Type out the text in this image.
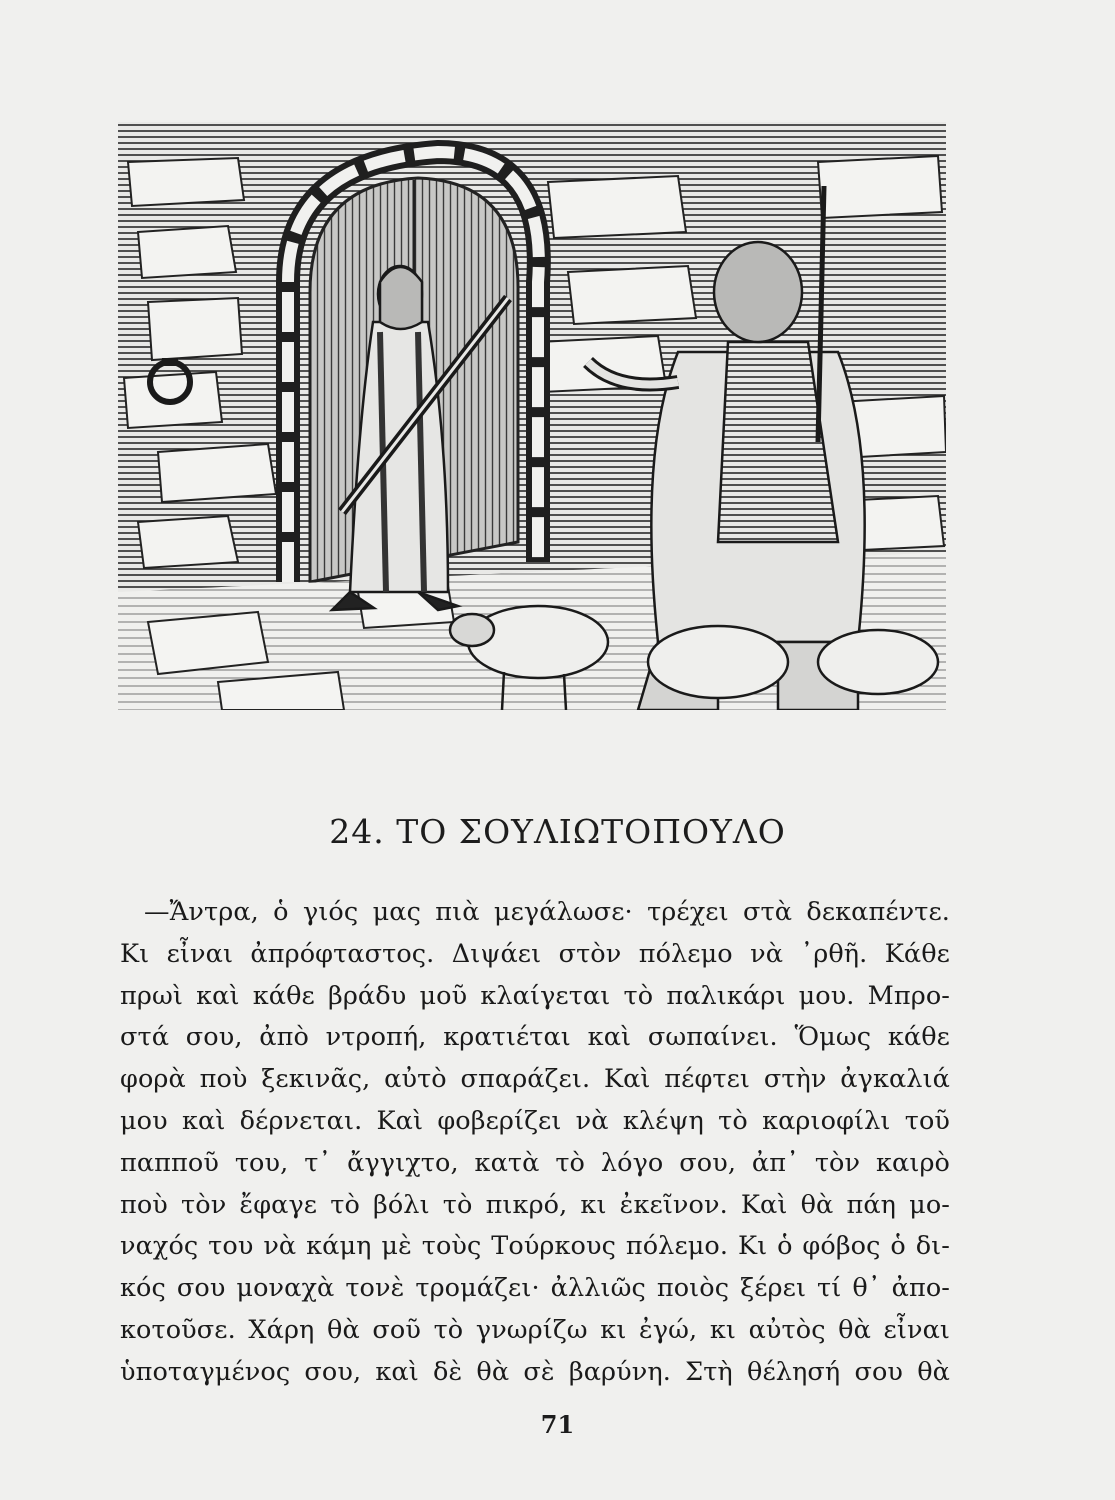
24. ΤΟ ΣΟΥΛΙΩΤΟΠΟΥΛΟ
—Ἄντρα, ὁ γιός μας πιὰ μεγάλωσε· τρέχει στὰ δεκαπέντε.
Κι εἶναι ἀπρόφταστος. Διψάει στὸν πόλεμο νὰ ᾽ρθῆ. Κάθε
πρωὶ καὶ κάθε βράδυ μοῦ κλαίγεται τὸ παλικάρι μου. Μπρο-
στά σου, ἀπὸ ντροπή, κρατιέται καὶ σωπαίνει. Ὅμως κάθε
φορὰ ποὺ ξεκινᾶς, αὐτὸ σπαράζει. Καὶ πέφτει στὴν ἀγκαλιά
μου καὶ δέρνεται. Καὶ φοβερίζει νὰ κλέψη τὸ καριοφίλι τοῦ
παπποῦ του, τ᾽ ἄγγιχτο, κατὰ τὸ λόγο σου, ἀπ᾽ τὸν καιρὸ
ποὺ τὸν ἔφαγε τὸ βόλι τὸ πικρό, κι ἐκεῖνον. Καὶ θὰ πάη μο-
ναχός του νὰ κάμη μὲ τοὺς Τούρκους πόλεμο. Κι ὁ φόβος ὁ δι-
κός σου μοναχὰ τονὲ τρομάζει· ἀλλιῶς ποιὸς ξέρει τί θ᾽ ἀπο-
κοτοῦσε. Χάρη θὰ σοῦ τὸ γνωρίζω κι ἐγώ, κι αὐτὸς θὰ εἶναι
ὑποταγμένος σου, καὶ δὲ θὰ σὲ βαρύνη. Στὴ θέλησή σου θὰ
71
